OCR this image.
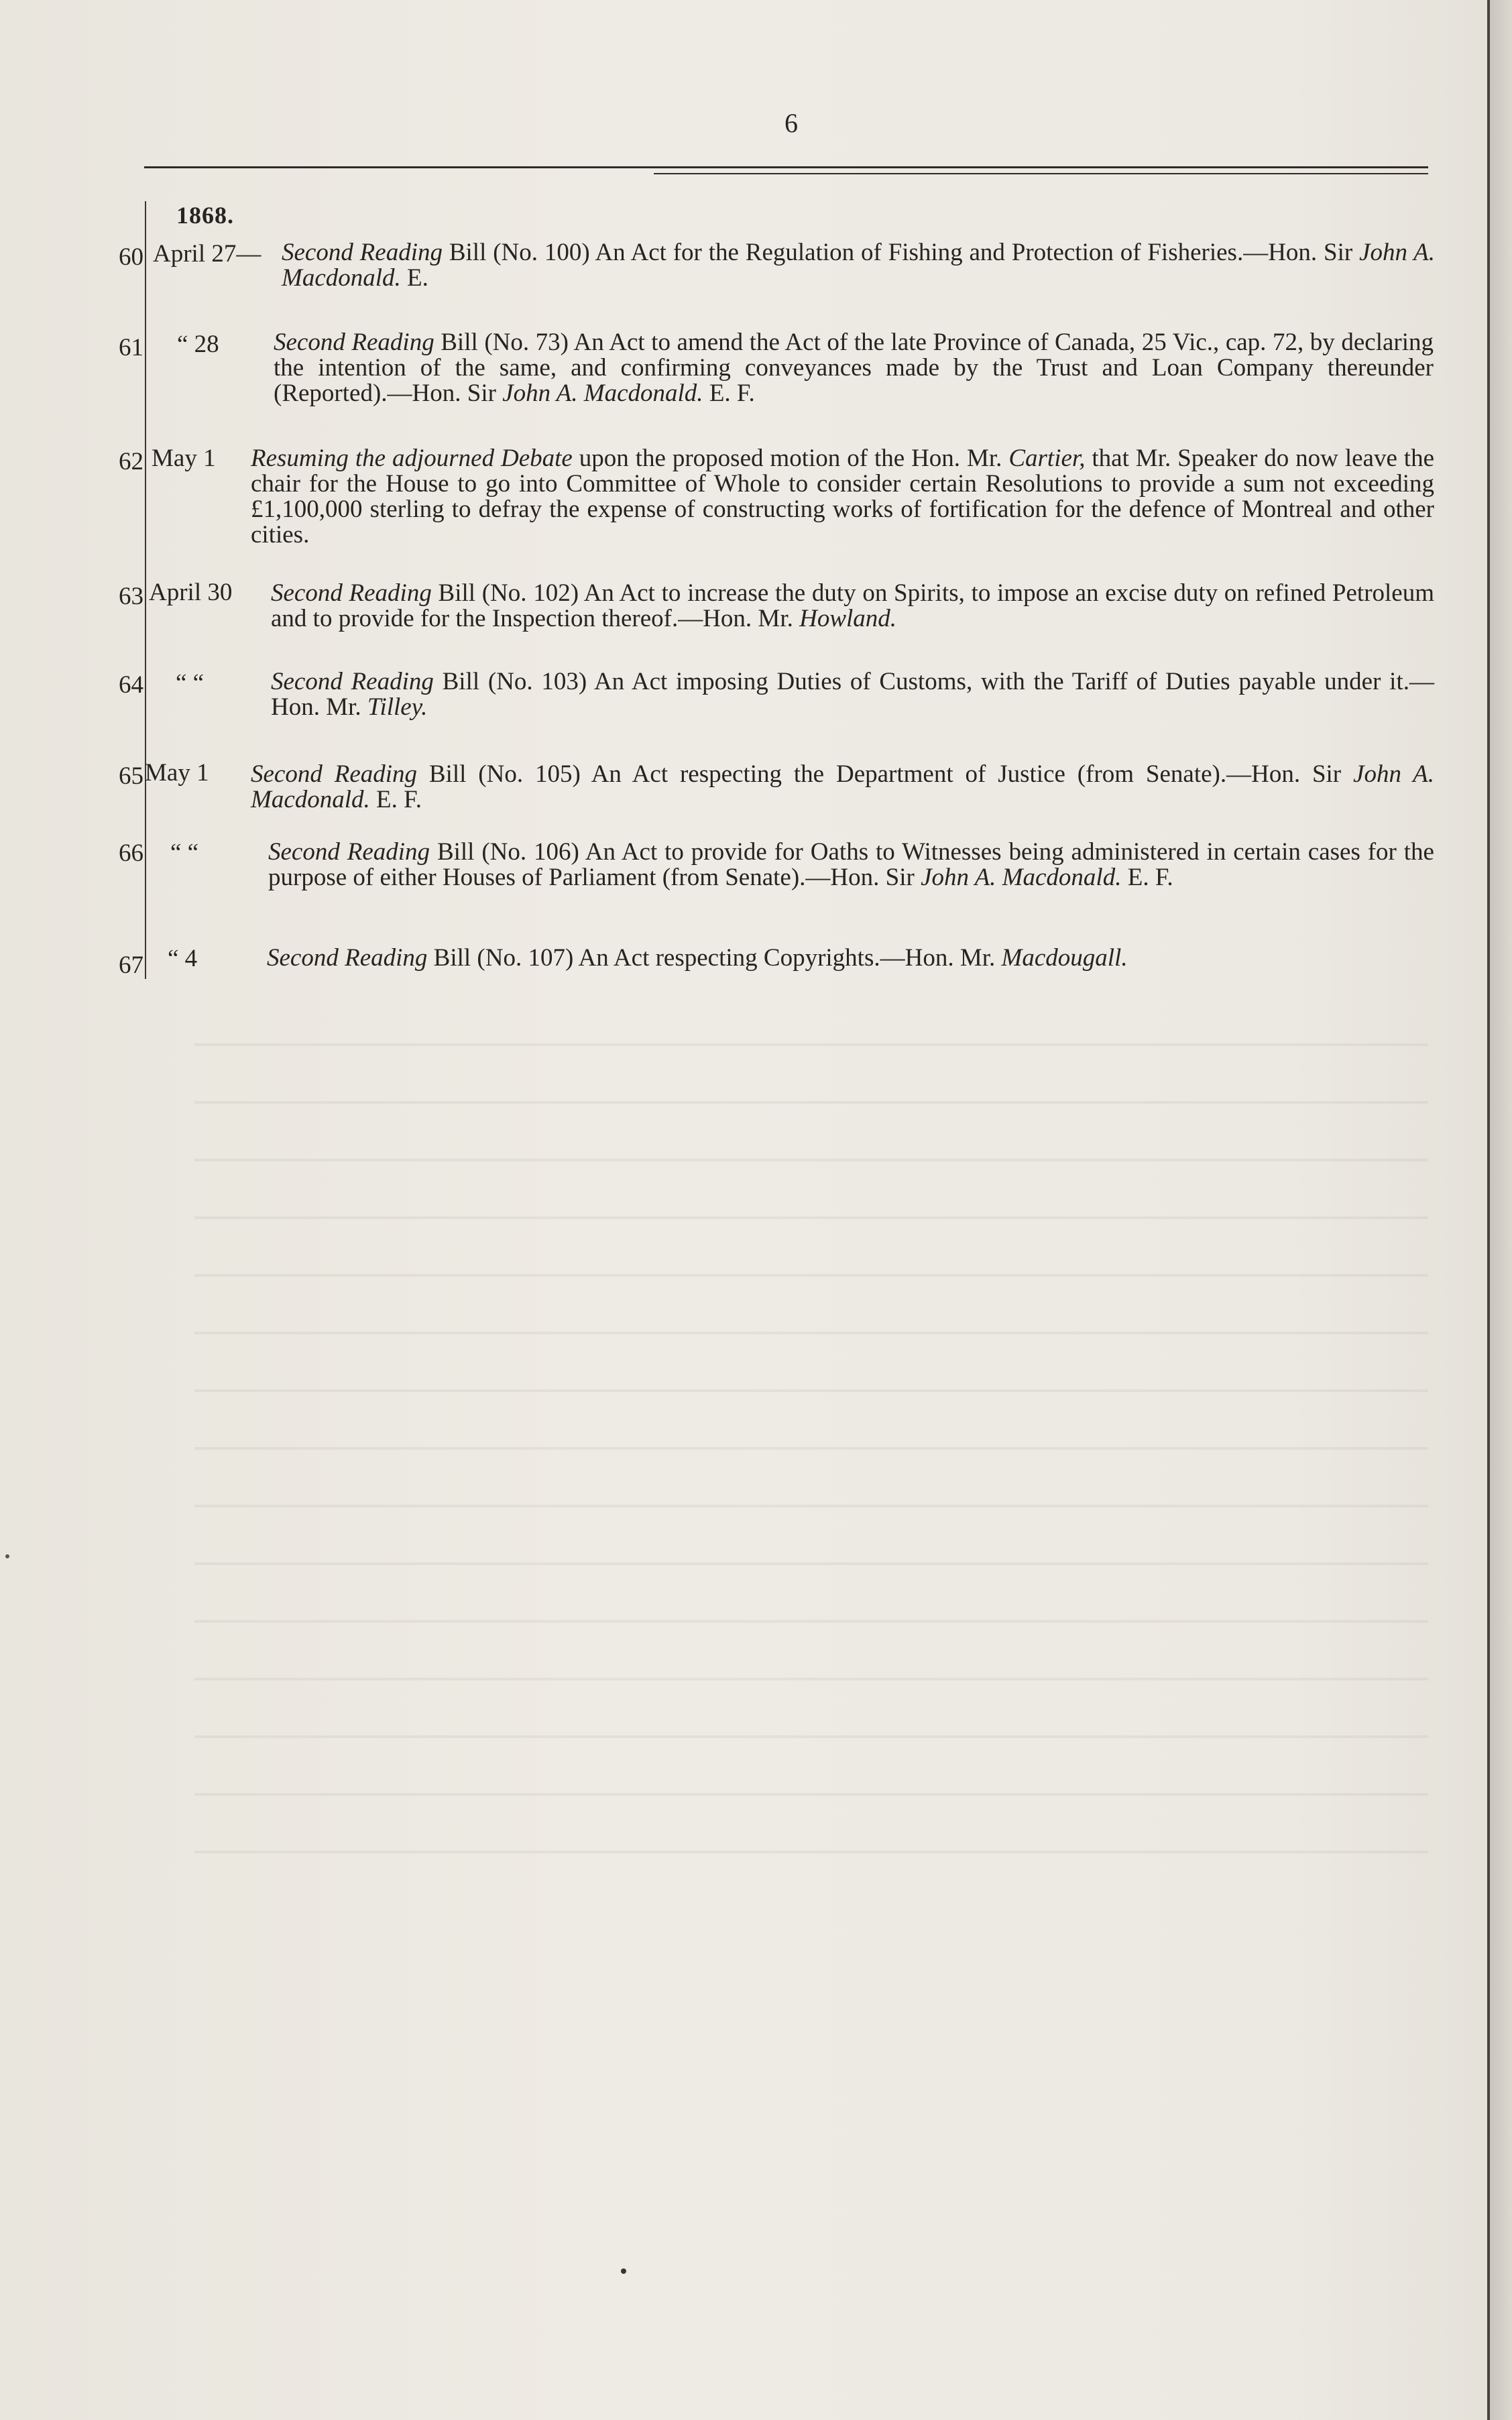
6
1868.
60 April 27— Second Reading Bill (No. 100) An Act for the Regulation of Fishing and Protection of Fisheries.—Hon. Sir John A. Macdonald. E.
61 “ 28 Second Reading Bill (No. 73) An Act to amend the Act of the late Province of Canada, 25 Vic., cap. 72, by declaring the intention of the same, and confirming conveyances made by the Trust and Loan Company thereunder (Reported).—Hon. Sir John A. Macdonald. E. F.
62 May 1 Resuming the adjourned Debate upon the proposed motion of the Hon. Mr. Cartier, that Mr. Speaker do now leave the chair for the House to go into Committee of Whole to consider certain Resolutions to provide a sum not exceeding £1,100,000 sterling to defray the expense of constructing works of fortification for the defence of Montreal and other cities.
63 April 30 Second Reading Bill (No. 102) An Act to increase the duty on Spirits, to impose an excise duty on refined Petroleum and to provide for the Inspection thereof.—Hon. Mr. Howland.
64 “ “	Second Reading Bill (No. 103) An Act imposing Duties of Customs, with the Tariff of Duties payable under it.—Hon. Mr. Tilley.
65 May 1 Second Reading Bill (No. 105) An Act respecting the Department of Justice (from Senate).—Hon. Sir John A. Macdonald. E. F.
66 “ “	Second Reading Bill (No. 106) An Act to provide for Oaths to Witnesses being administered in certain cases for the purpose of either Houses of Parliament (from Senate).—Hon. Sir John A. Macdonald. E. F.
67 “ 4	Second Reading Bill (No. 107) An Act respecting Copyrights.—Hon. Mr. Macdougall.
